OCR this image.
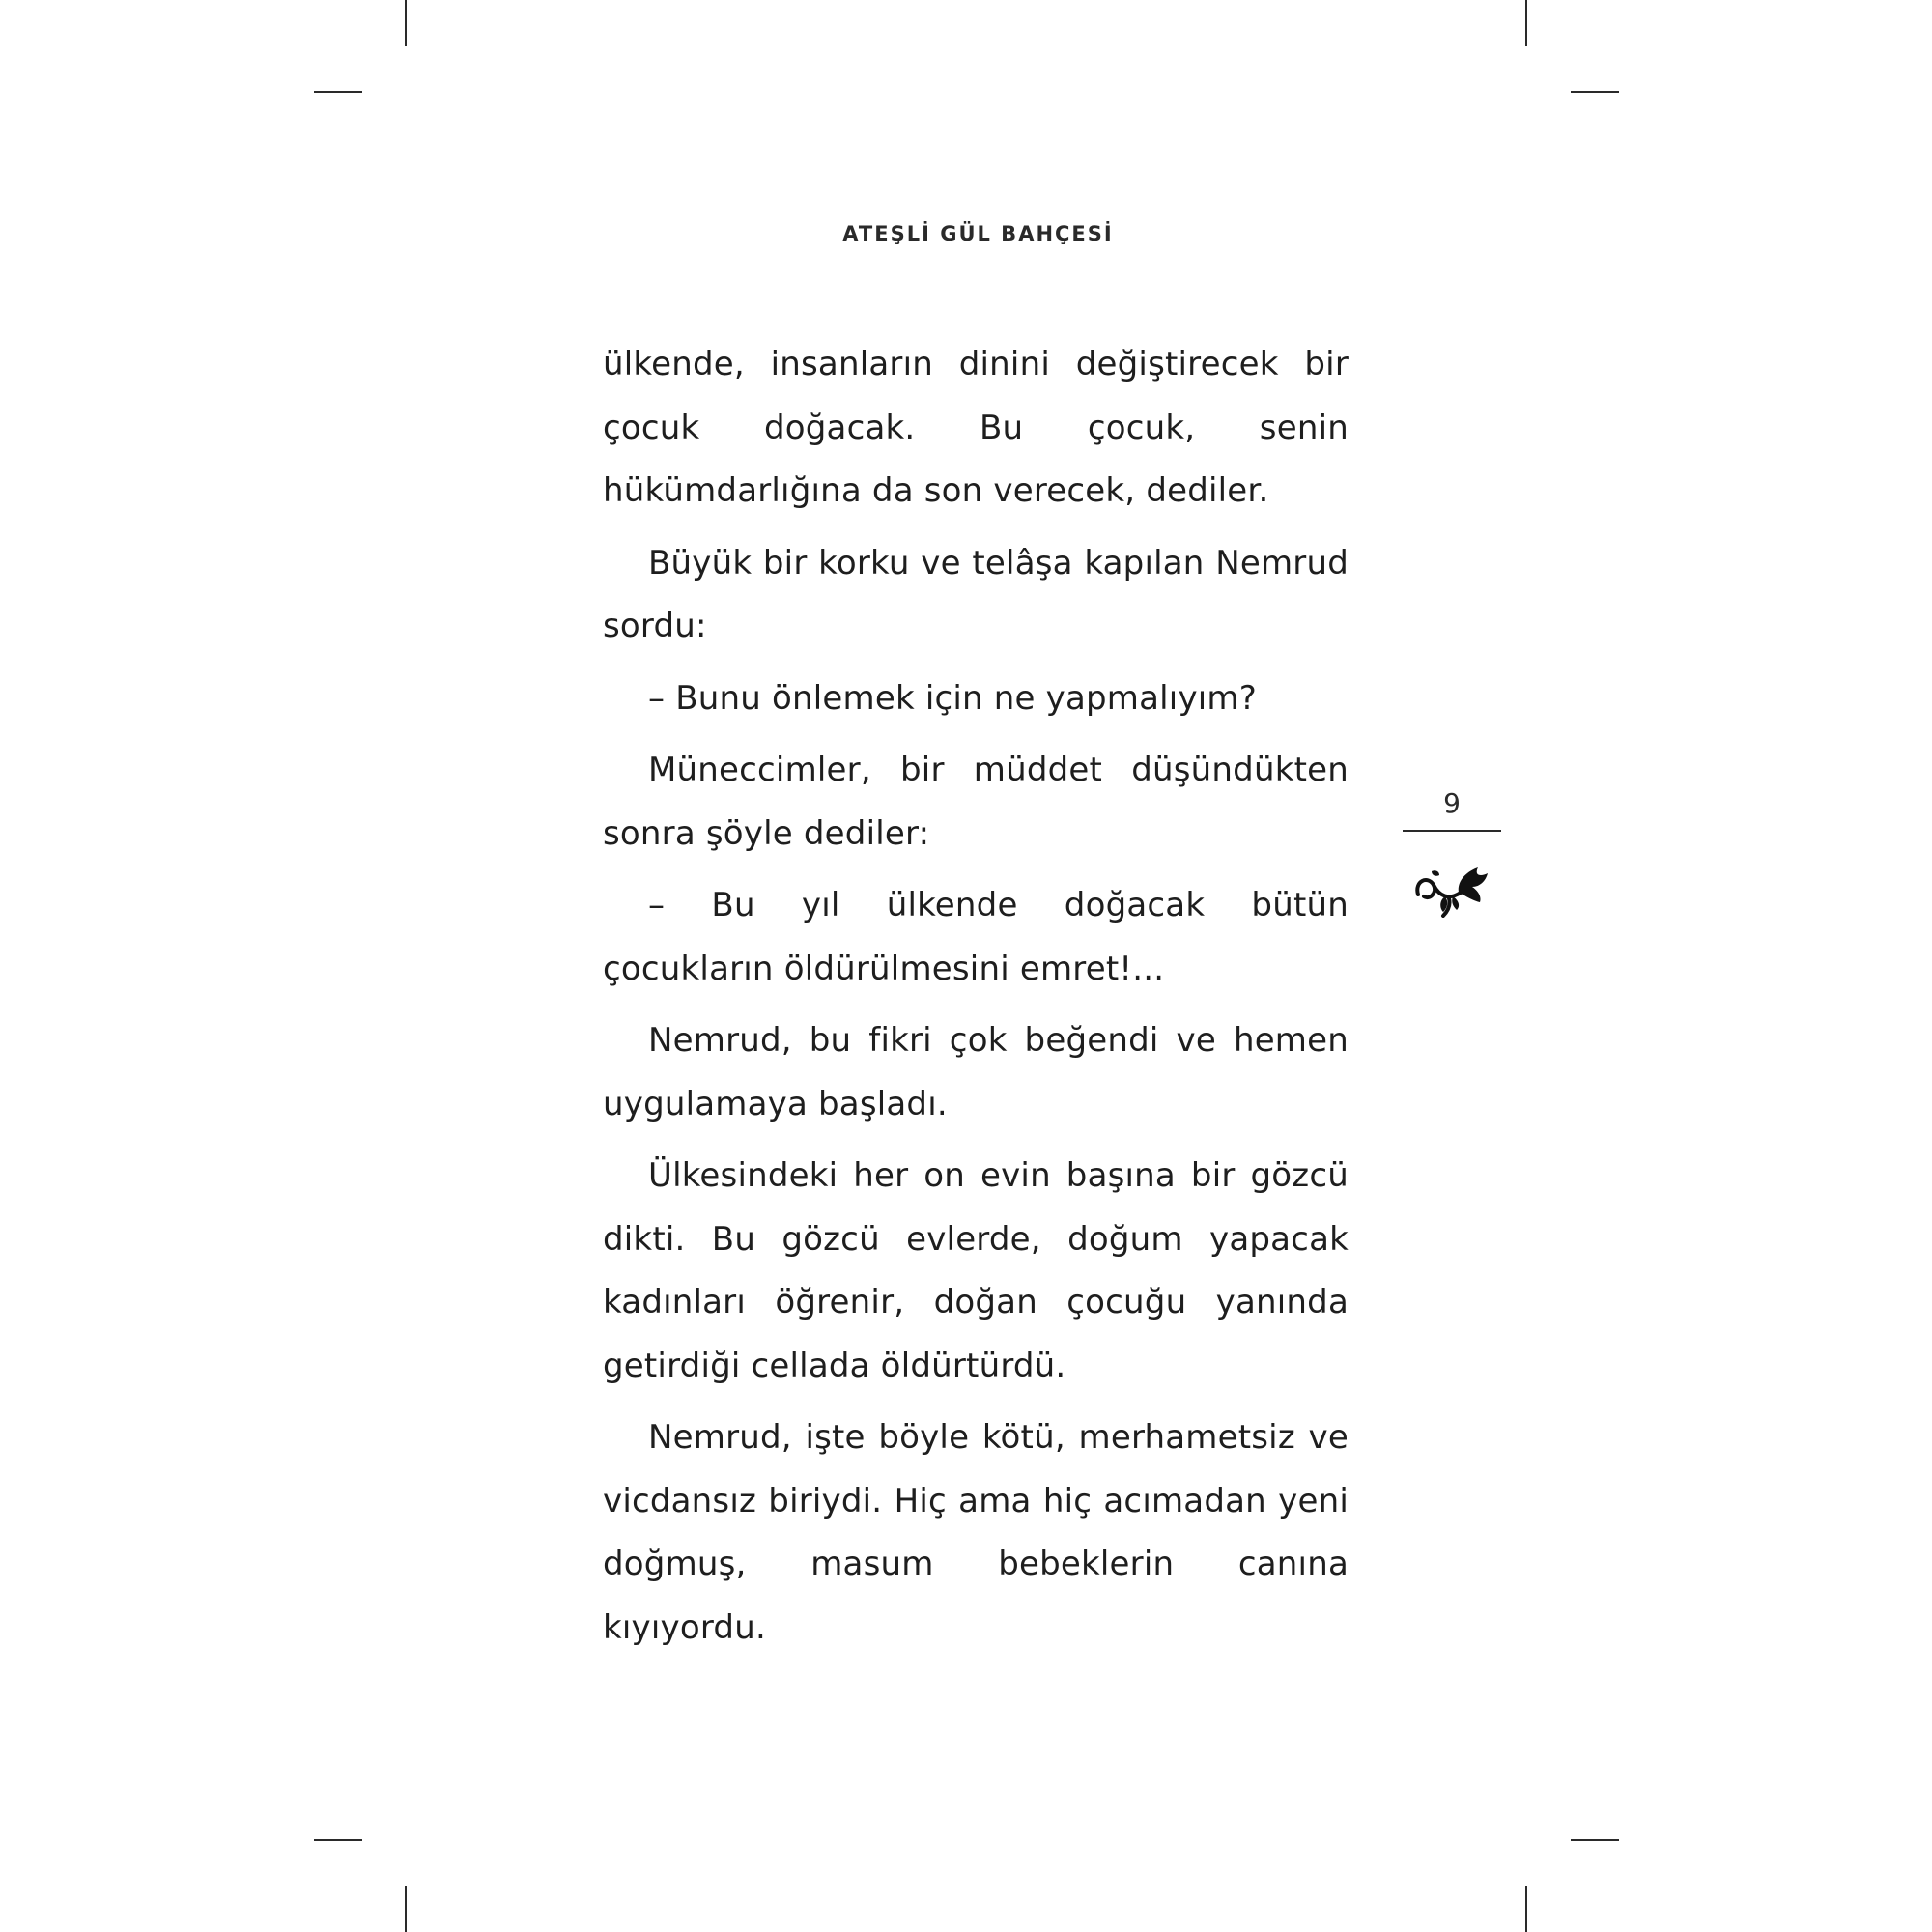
ATEŞLİ GÜL BAHÇESİ

ülkende, insanların dinini değiştirecek bir çocuk doğacak. Bu çocuk, senin hükümdarlığına da son verecek, dediler.

Büyük bir korku ve telâşa kapılan Nemrud sordu:

– Bunu önlemek için ne yapmalıyım?

Müneccimler, bir müddet düşündükten sonra şöyle dediler:

– Bu yıl ülkende doğacak bütün çocukların öldürülmesini emret!...

Nemrud, bu fikri çok beğendi ve hemen uygulamaya başladı.

Ülkesindeki her on evin başına bir gözcü dikti. Bu gözcü evlerde, doğum yapacak kadınları öğrenir, doğan çocuğu yanında getirdiği cellada öldürtürdü.

Nemrud, işte böyle kötü, merhametsiz ve vicdansız biriydi. Hiç ama hiç acımadan yeni doğmuş, masum bebeklerin canına kıyıyordu.

9
